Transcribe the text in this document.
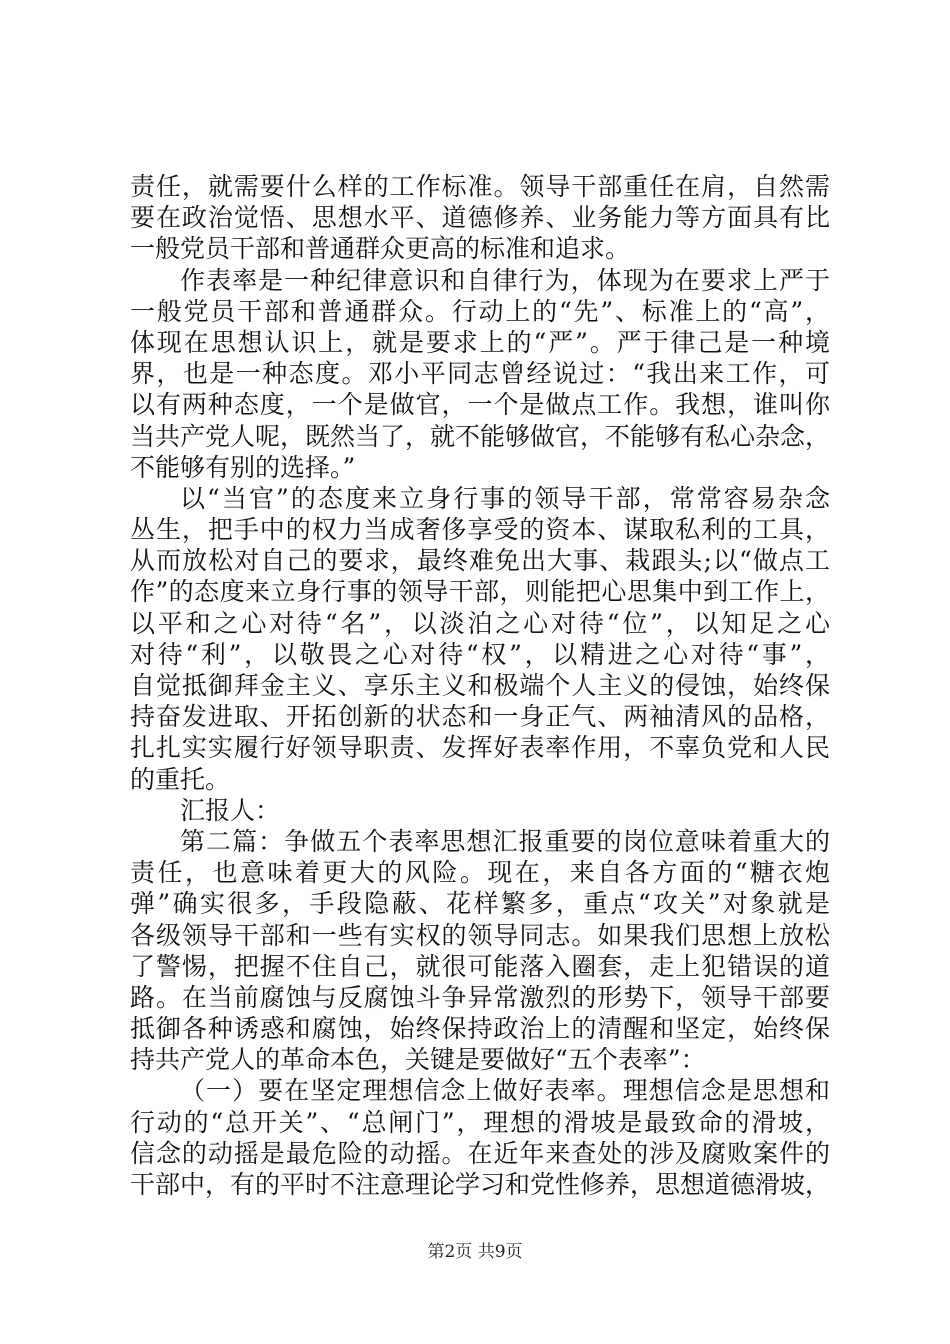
责任，就需要什么样的工作标准。领导干部重任在肩，自然需
要在政治觉悟、思想水平、道德修养、业务能力等方面具有比
一般党员干部和普通群众更高的标准和追求。
作表率是一种纪律意识和自律行为，体现为在要求上严于
一般党员干部和普通群众。行动上的“先”、标准上的“高”，
体现在思想认识上，就是要求上的“严”。严于律己是一种境
界，也是一种态度。邓小平同志曾经说过：“我出来工作，可
以有两种态度，一个是做官，一个是做点工作。我想，谁叫你
当共产党人呢，既然当了，就不能够做官，不能够有私心杂念，
不能够有别的选择。”
以“当官”的态度来立身行事的领导干部，常常容易杂念
丛生，把手中的权力当成奢侈享受的资本、谋取私利的工具，
从而放松对自己的要求，最终难免出大事、栽跟头;以“做点工
作”的态度来立身行事的领导干部，则能把心思集中到工作上，
以平和之心对待“名”，以淡泊之心对待“位”，以知足之心
对待“利”，以敬畏之心对待“权”，以精进之心对待“事”，
自觉抵御拜金主义、享乐主义和极端个人主义的侵蚀，始终保
持奋发进取、开拓创新的状态和一身正气、两袖清风的品格，
扎扎实实履行好领导职责、发挥好表率作用，不辜负党和人民
的重托。
汇报人：
第二篇：争做五个表率思想汇报重要的岗位意味着重大的
责任，也意味着更大的风险。现在，来自各方面的“糖衣炮
弹”确实很多，手段隐蔽、花样繁多，重点“攻关”对象就是
各级领导干部和一些有实权的领导同志。如果我们思想上放松
了警惕，把握不住自己，就很可能落入圈套，走上犯错误的道
路。在当前腐蚀与反腐蚀斗争异常激烈的形势下，领导干部要
抵御各种诱惑和腐蚀，始终保持政治上的清醒和坚定，始终保
持共产党人的革命本色，关键是要做好“五个表率”：
（一）要在坚定理想信念上做好表率。理想信念是思想和
行动的“总开关”、“总闸门”，理想的滑坡是最致命的滑坡，
信念的动摇是最危险的动摇。在近年来查处的涉及腐败案件的
干部中，有的平时不注意理论学习和党性修养，思想道德滑坡，
第2页 共9页
